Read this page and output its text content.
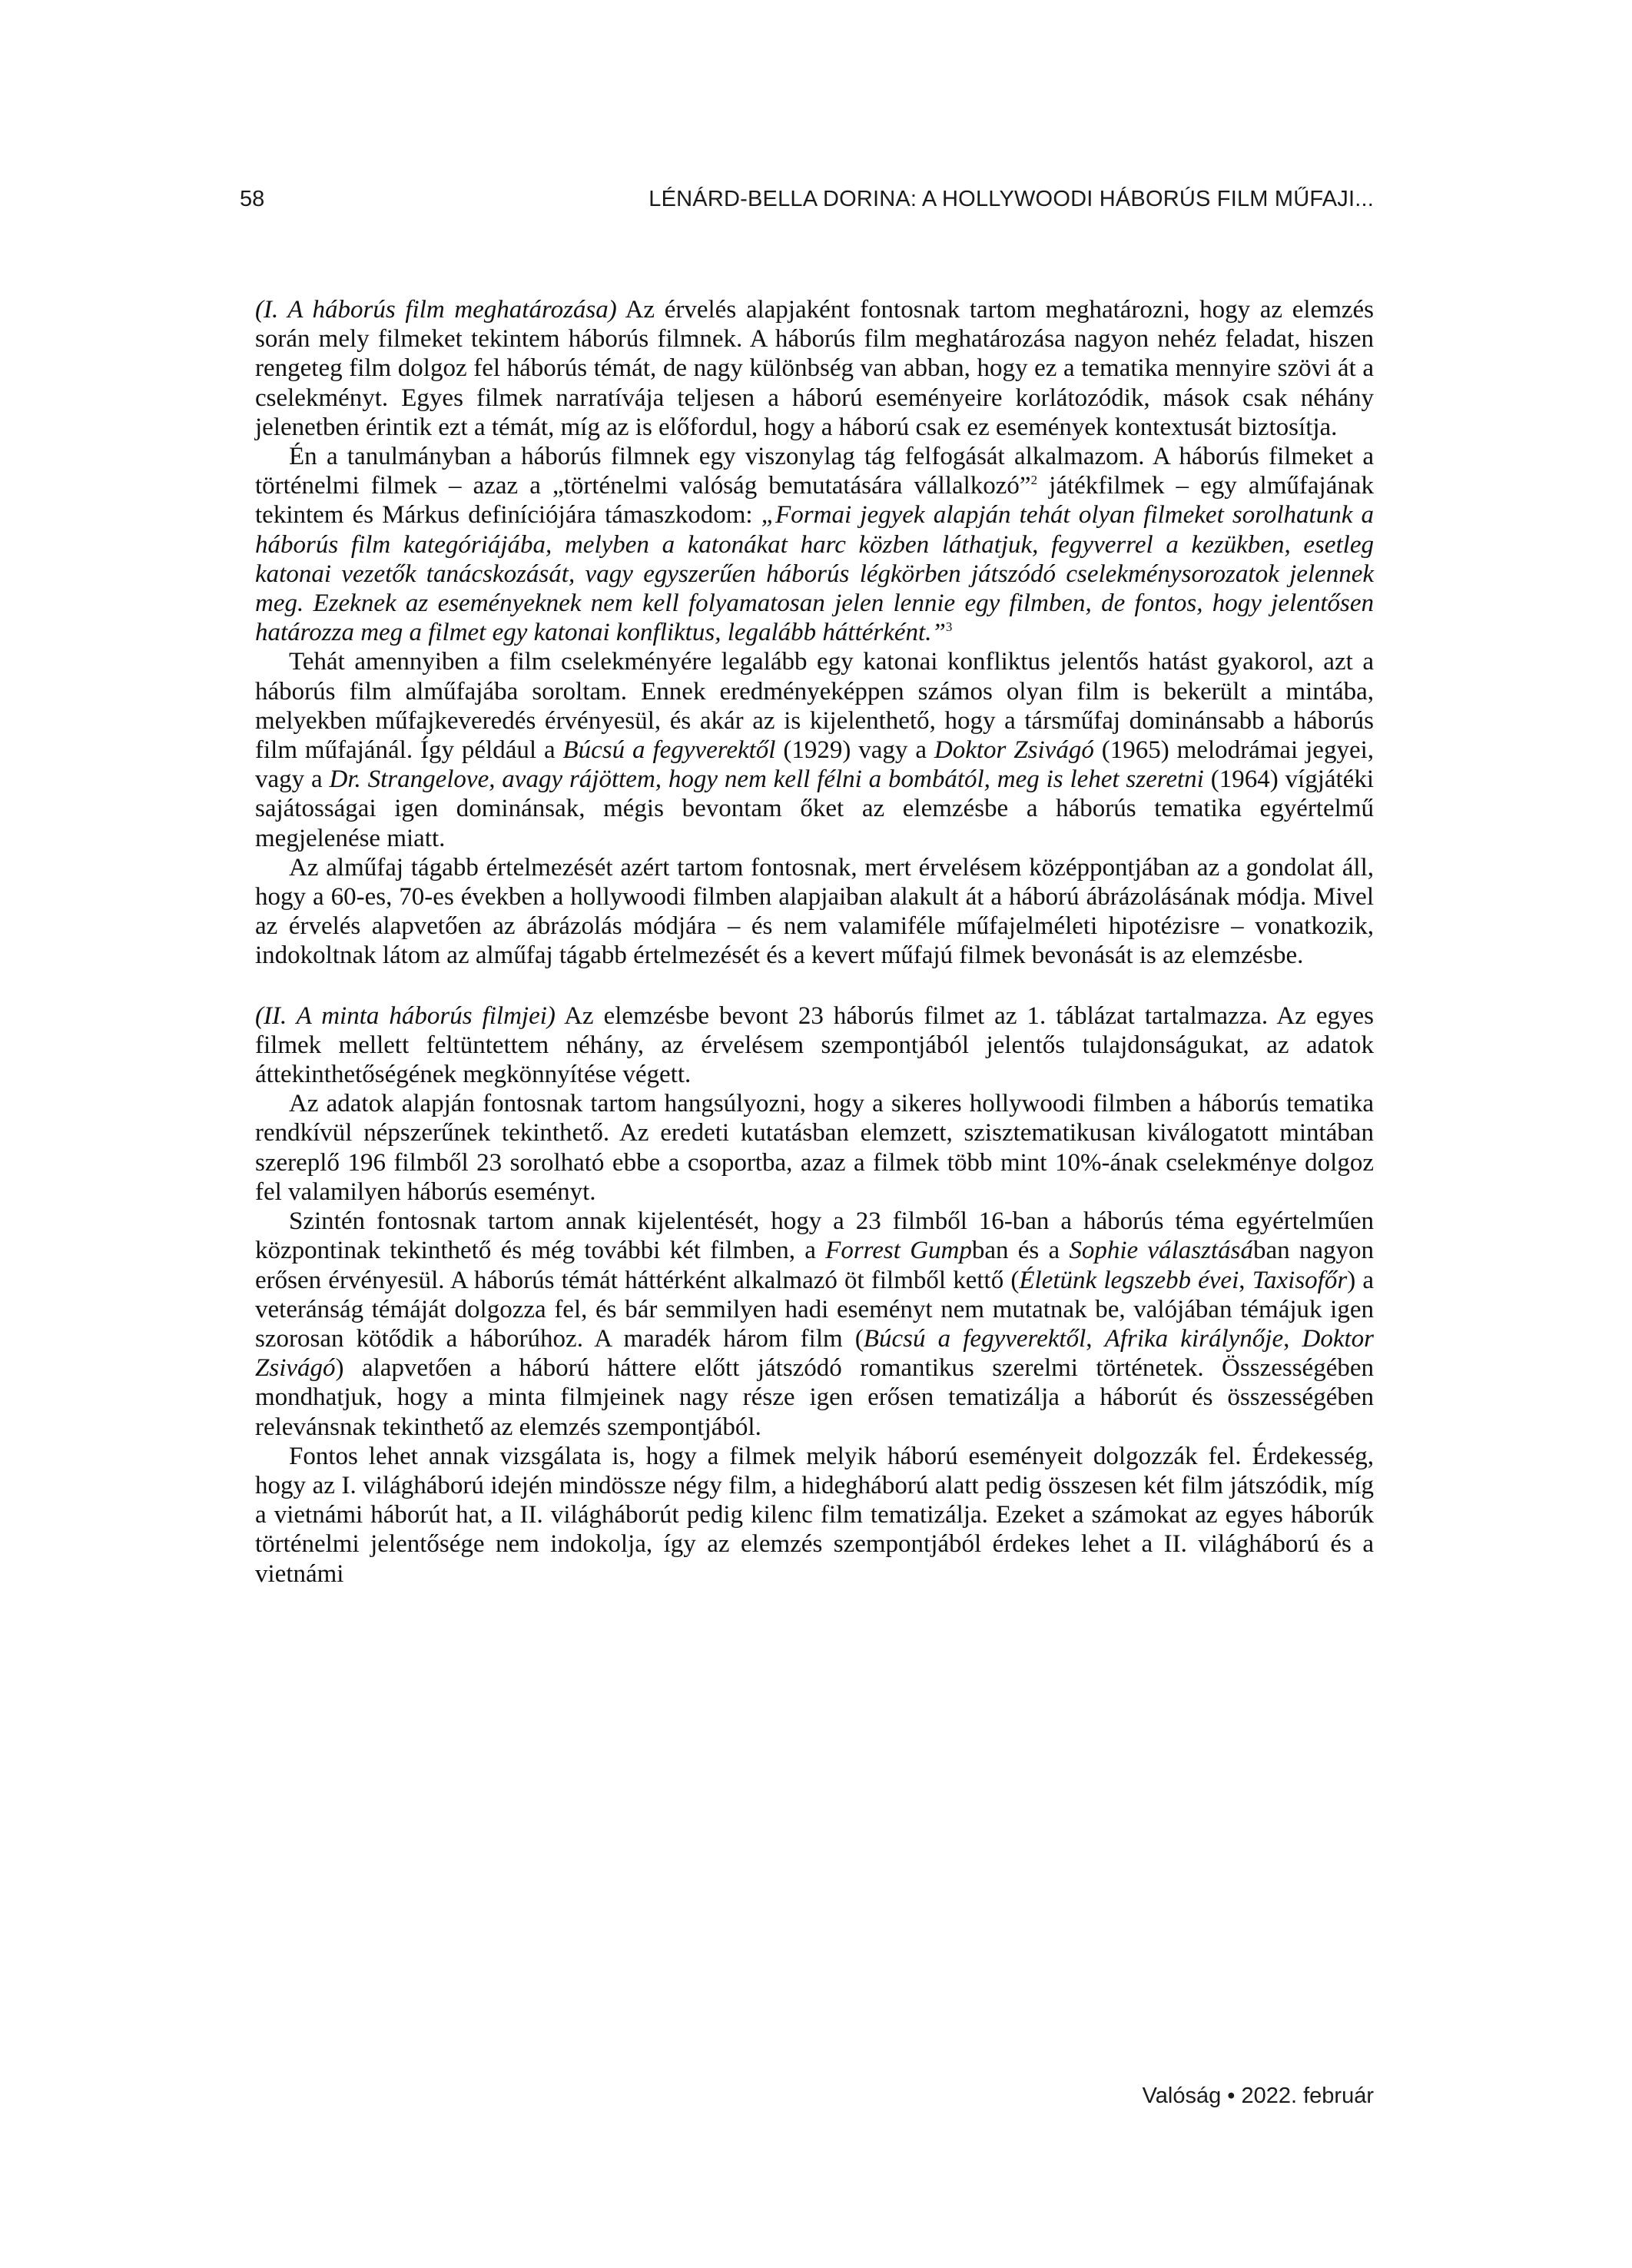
58	LÉNÁRD-BELLA DORINA: A HOLLYWOODI HÁBORÚS FILM MŰFAJI...

(I. A háborús film meghatározása) Az érvelés alapjaként fontosnak tartom meghatározni, hogy az elemzés során mely filmeket tekintem háborús filmnek. A háborús film meghatározása nagyon nehéz feladat, hiszen rengeteg film dolgoz fel háborús témát, de nagy különbség van abban, hogy ez a tematika mennyire szövi át a cselekményt. Egyes filmek narratívája teljesen a háború eseményeire korlátozódik, mások csak néhány jelenetben érintik ezt a témát, míg az is előfordul, hogy a háború csak ez események kontextusát biztosítja.

Én a tanulmányban a háborús filmnek egy viszonylag tág felfogását alkalmazom. A háborús filmeket a történelmi filmek – azaz a „történelmi valóság bemutatására vállalkozó”$^2$ játékfilmek – egy alműfajának tekintem és Márkus definíciójára támaszkodom: „Formai jegyek alapján tehát olyan filmeket sorolhatunk a háborús film kategóriájába, melyben a katonákat harc közben láthatjuk, fegyverrel a kezükben, esetleg katonai vezetők tanácskozását, vagy egyszerűen háborús légkörben játszódó cselekménysorozatok jelennek meg. Ezeknek az eseményeknek nem kell folyamatosan jelen lennie egy filmben, de fontos, hogy jelentősen határozza meg a filmet egy katonai konfliktus, legalább háttérként.”$^3$

Tehát amennyiben a film cselekményére legalább egy katonai konfliktus jelentős hatást gyakorol, azt a háborús film alműfajába soroltam. Ennek eredményeképpen számos olyan film is bekerült a mintába, melyekben műfajkeveredés érvényesül, és akár az is kijelenthető, hogy a társműfaj dominánsabb a háborús film műfajánál. Így például a Búcsú a fegyverektől (1929) vagy a Doktor Zsivágó (1965) melodrámai jegyei, vagy a Dr. Strangelove, avagy rájöttem, hogy nem kell félni a bombától, meg is lehet szeretni (1964) vígjátéki sajátosságai igen dominánsak, mégis bevontam őket az elemzésbe a háborús tematika egyértelmű megjelenése miatt.

Az alműfaj tágabb értelmezését azért tartom fontosnak, mert érvelésem középpontjában az a gondolat áll, hogy a 60-es, 70-es években a hollywoodi filmben alapjaiban alakult át a háború ábrázolásának módja. Mivel az érvelés alapvetően az ábrázolás módjára – és nem valamiféle műfajelméleti hipotézisre – vonatkozik, indokoltnak látom az alműfaj tágabb értelmezését és a kevert műfajú filmek bevonását is az elemzésbe.

(II. A minta háborús filmjei) Az elemzésbe bevont 23 háborús filmet az 1. táblázat tartalmazza. Az egyes filmek mellett feltüntettem néhány, az érvelésem szempontjából jelentős tulajdonságukat, az adatok áttekinthetőségének megkönnyítése végett.

Az adatok alapján fontosnak tartom hangsúlyozni, hogy a sikeres hollywoodi filmben a háborús tematika rendkívül népszerűnek tekinthető. Az eredeti kutatásban elemzett, szisztematikusan kiválogatott mintában szereplő 196 filmből 23 sorolható ebbe a csoportba, azaz a filmek több mint 10%-ának cselekménye dolgoz fel valamilyen háborús eseményt.

Szintén fontosnak tartom annak kijelentését, hogy a 23 filmből 16-ban a háborús téma egyértelműen központinak tekinthető és még további két filmben, a Forrest Gumpban és a Sophie választásában nagyon erősen érvényesül. A háborús témát háttérként alkalmazó öt filmből kettő (Életünk legszebb évei, Taxisofőr) a veteránság témáját dolgozza fel, és bár semmilyen hadi eseményt nem mutatnak be, valójában témájuk igen szorosan kötődik a háborúhoz. A maradék három film (Búcsú a fegyverektől, Afrika királynője, Doktor Zsivágó) alapvetően a háború háttere előtt játszódó romantikus szerelmi történetek. Összességében mondhatjuk, hogy a minta filmjeinek nagy része igen erősen tematizálja a háborút és összességében relevánsnak tekinthető az elemzés szempontjából.

Fontos lehet annak vizsgálata is, hogy a filmek melyik háború eseményeit dolgozzák fel. Érdekesség, hogy az I. világháború idején mindössze négy film, a hidegháború alatt pedig összesen két film játszódik, míg a vietnámi háborút hat, a II. világháborút pedig kilenc film tematizálja. Ezeket a számokat az egyes háborúk történelmi jelentősége nem indokolja, így az elemzés szempontjából érdekes lehet a II. világháború és a vietnámi

Valóság • 2022. február
